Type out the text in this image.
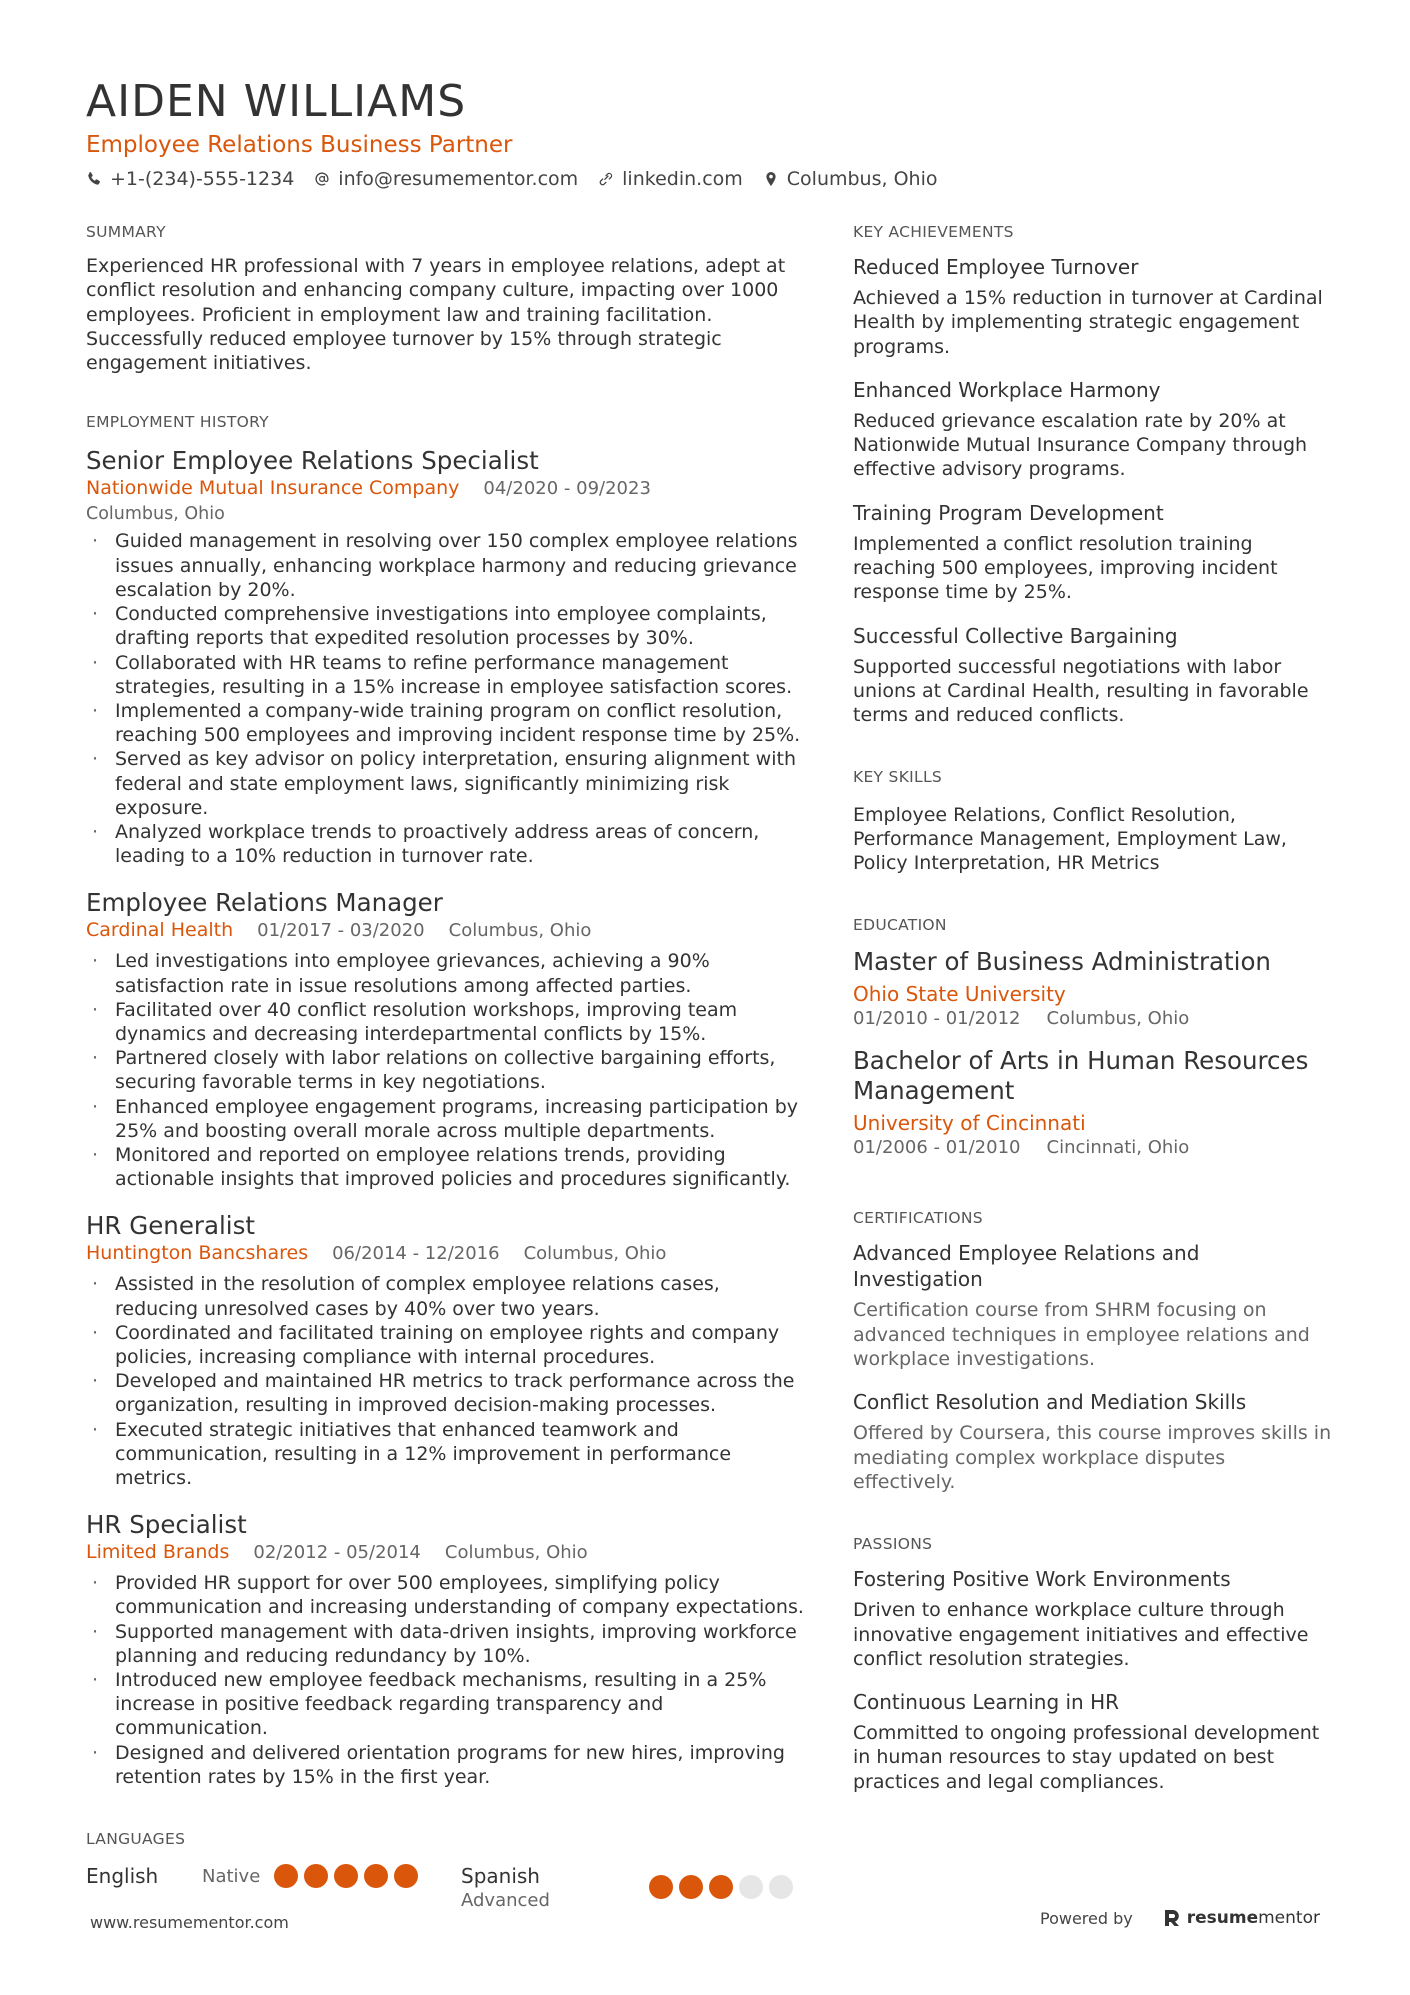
AIDEN WILLIAMS
Employee Relations Business Partner
+1-(234)-555-1234 info@resumementor.com linkedin.com Columbus, Ohio
SUMMARY
Experienced HR professional with 7 years in employee relations, adept at conflict resolution and enhancing company culture, impacting over 1000 employees. Proficient in employment law and training facilitation. Successfully reduced employee turnover by 15% through strategic engagement initiatives.
EMPLOYMENT HISTORY
Senior Employee Relations Specialist
Nationwide Mutual Insurance Company 04/2020 - 09/2023
Columbus, Ohio
· Guided management in resolving over 150 complex employee relations issues annually, enhancing workplace harmony and reducing grievance escalation by 20%.
· Conducted comprehensive investigations into employee complaints, drafting reports that expedited resolution processes by 30%.
· Collaborated with HR teams to refine performance management strategies, resulting in a 15% increase in employee satisfaction scores.
· Implemented a company-wide training program on conflict resolution, reaching 500 employees and improving incident response time by 25%.
· Served as key advisor on policy interpretation, ensuring alignment with federal and state employment laws, significantly minimizing risk exposure.
· Analyzed workplace trends to proactively address areas of concern, leading to a 10% reduction in turnover rate.
Employee Relations Manager
Cardinal Health 01/2017 - 03/2020 Columbus, Ohio
· Led investigations into employee grievances, achieving a 90% satisfaction rate in issue resolutions among affected parties.
· Facilitated over 40 conflict resolution workshops, improving team dynamics and decreasing interdepartmental conflicts by 15%.
· Partnered closely with labor relations on collective bargaining efforts, securing favorable terms in key negotiations.
· Enhanced employee engagement programs, increasing participation by 25% and boosting overall morale across multiple departments.
· Monitored and reported on employee relations trends, providing actionable insights that improved policies and procedures significantly.
HR Generalist
Huntington Bancshares 06/2014 - 12/2016 Columbus, Ohio
· Assisted in the resolution of complex employee relations cases, reducing unresolved cases by 40% over two years.
· Coordinated and facilitated training on employee rights and company policies, increasing compliance with internal procedures.
· Developed and maintained HR metrics to track performance across the organization, resulting in improved decision-making processes.
· Executed strategic initiatives that enhanced teamwork and communication, resulting in a 12% improvement in performance metrics.
HR Specialist
Limited Brands 02/2012 - 05/2014 Columbus, Ohio
· Provided HR support for over 500 employees, simplifying policy communication and increasing understanding of company expectations.
· Supported management with data-driven insights, improving workforce planning and reducing redundancy by 10%.
· Introduced new employee feedback mechanisms, resulting in a 25% increase in positive feedback regarding transparency and communication.
· Designed and delivered orientation programs for new hires, improving retention rates by 15% in the first year.
LANGUAGES
English	Native	Spanish
Advanced
KEY ACHIEVEMENTS
Reduced Employee Turnover
Achieved a 15% reduction in turnover at Cardinal Health by implementing strategic engagement programs.
Enhanced Workplace Harmony
Reduced grievance escalation rate by 20% at Nationwide Mutual Insurance Company through effective advisory programs.
Training Program Development
Implemented a conflict resolution training reaching 500 employees, improving incident response time by 25%.
Successful Collective Bargaining
Supported successful negotiations with labor unions at Cardinal Health, resulting in favorable terms and reduced conflicts.
KEY SKILLS
Employee Relations, Conflict Resolution, Performance Management, Employment Law, Policy Interpretation, HR Metrics
EDUCATION
Master of Business Administration
Ohio State University
01/2010 - 01/2012 Columbus, Ohio
Bachelor of Arts in Human Resources Management
University of Cincinnati
01/2006 - 01/2010 Cincinnati, Ohio
CERTIFICATIONS
Advanced Employee Relations and Investigation
Certification course from SHRM focusing on advanced techniques in employee relations and workplace investigations.
Conflict Resolution and Mediation Skills
Offered by Coursera, this course improves skills in mediating complex workplace disputes effectively.
PASSIONS
Fostering Positive Work Environments
Driven to enhance workplace culture through innovative engagement initiatives and effective conflict resolution strategies.
Continuous Learning in HR
Committed to ongoing professional development in human resources to stay updated on best practices and legal compliances.
www.resumementor.com	Powered by	resume mentor
